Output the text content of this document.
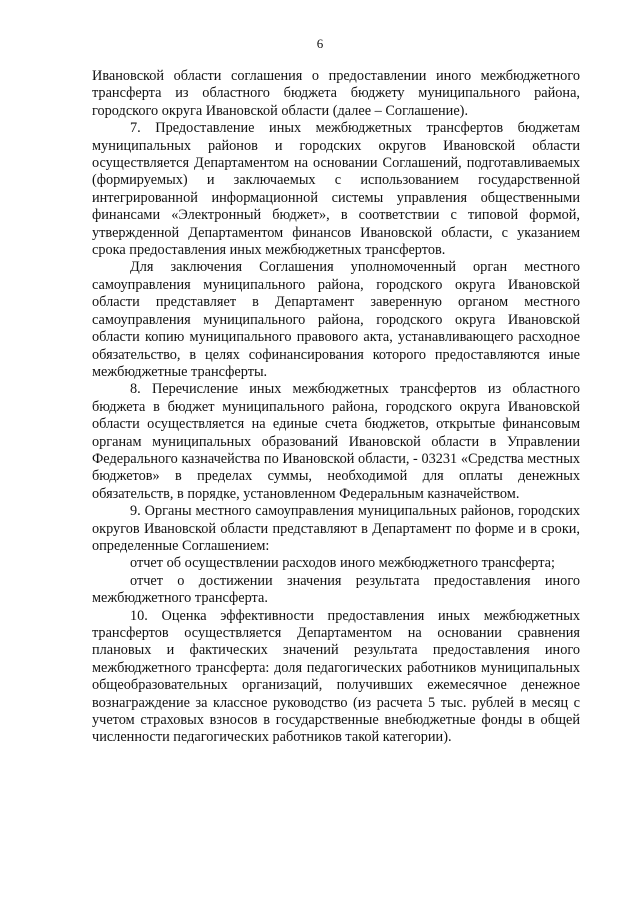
6

Ивановской области соглашения о предоставлении иного межбюджетного трансферта из областного бюджета бюджету муниципального района, городского округа Ивановской области (далее – Соглашение).

7. Предоставление иных межбюджетных трансфертов бюджетам муниципальных районов и городских округов Ивановской области осуществляется Департаментом на основании Соглашений, подготавливаемых (формируемых) и заключаемых с использованием государственной интегрированной информационной системы управления общественными финансами «Электронный бюджет», в соответствии с типовой формой, утвержденной Департаментом финансов Ивановской области, с указанием срока предоставления иных межбюджетных трансфертов.

Для заключения Соглашения уполномоченный орган местного самоуправления муниципального района, городского округа Ивановской области представляет в Департамент заверенную органом местного самоуправления муниципального района, городского округа Ивановской области копию муниципального правового акта, устанавливающего расходное обязательство, в целях софинансирования которого предоставляются иные межбюджетные трансферты.

8. Перечисление иных межбюджетных трансфертов из областного бюджета в бюджет муниципального района, городского округа Ивановской области осуществляется на единые счета бюджетов, открытые финансовым органам муниципальных образований Ивановской области в Управлении Федерального казначейства по Ивановской области, - 03231 «Средства местных бюджетов» в пределах суммы, необходимой для оплаты денежных обязательств, в порядке, установленном Федеральным казначейством.

9. Органы местного самоуправления муниципальных районов, городских округов Ивановской области представляют в Департамент по форме и в сроки, определенные Соглашением:

отчет об осуществлении расходов иного межбюджетного трансферта;

отчет о достижении значения результата предоставления иного межбюджетного трансферта.

10. Оценка эффективности предоставления иных межбюджетных трансфертов осуществляется Департаментом на основании сравнения плановых и фактических значений результата предоставления иного межбюджетного трансферта: доля педагогических работников муниципальных общеобразовательных организаций, получивших ежемесячное денежное вознаграждение за классное руководство (из расчета 5 тыс. рублей в месяц с учетом страховых взносов в государственные внебюджетные фонды в общей численности педагогических работников такой категории).
